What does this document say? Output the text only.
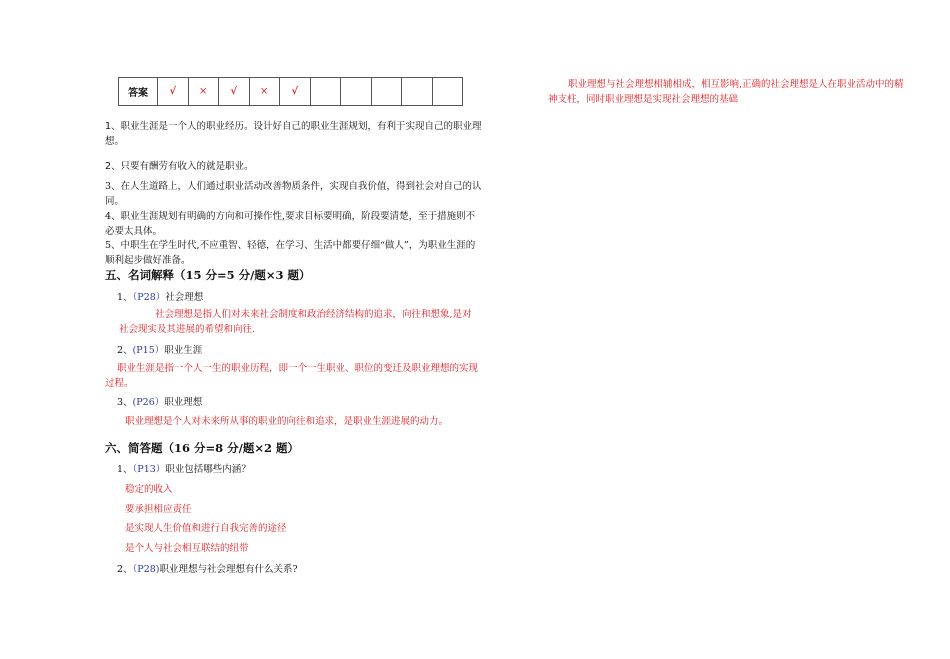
答案	√	×	√	×	√					
1、职业生涯是一个人的职业经历。设计好自己的职业生涯规划，有利于实现自己的职业理想。
2、只要有酬劳有收入的就是职业。
3、在人生道路上，人们通过职业活动改善物质条件，实现自我价值，得到社会对自己的认同。
4、职业生涯规划有明确的方向和可操作性,要求目标要明确，阶段要清楚，至于措施则不必要太具体。
5、中职生在学生时代,不应重智、轻德，在学习、生活中都要仔细“做人”，为职业生涯的顺利起步做好准备。
五、名词解释（15 分=5 分/题×3 题）
1、（P28）社会理想
社会理想是指人们对未来社会制度和政治经济结构的追求，向往和想象,是对社会现实及其进展的希望和向往.
2、(P15）职业生涯
职业生涯是指一个人一生的职业历程，即一个一生职业、职位的变迁及职业理想的实现过程。
3、(P26）职业理想
职业理想是个人对未来所从事的职业的向往和追求，是职业生涯进展的动力。
六、简答题（16 分=8 分/题×2 题）
1、（P13）职业包括哪些内涵？
稳定的收入
要承担相应责任
是实现人生价值和进行自我完善的途径
是个人与社会相互联结的纽带
2、（P28)职业理想与社会理想有什么关系?
职业理想与社会理想相辅相成，相互影响,正确的社会理想是人在职业活动中的精神支柱，同时职业理想是实现社会理想的基础
